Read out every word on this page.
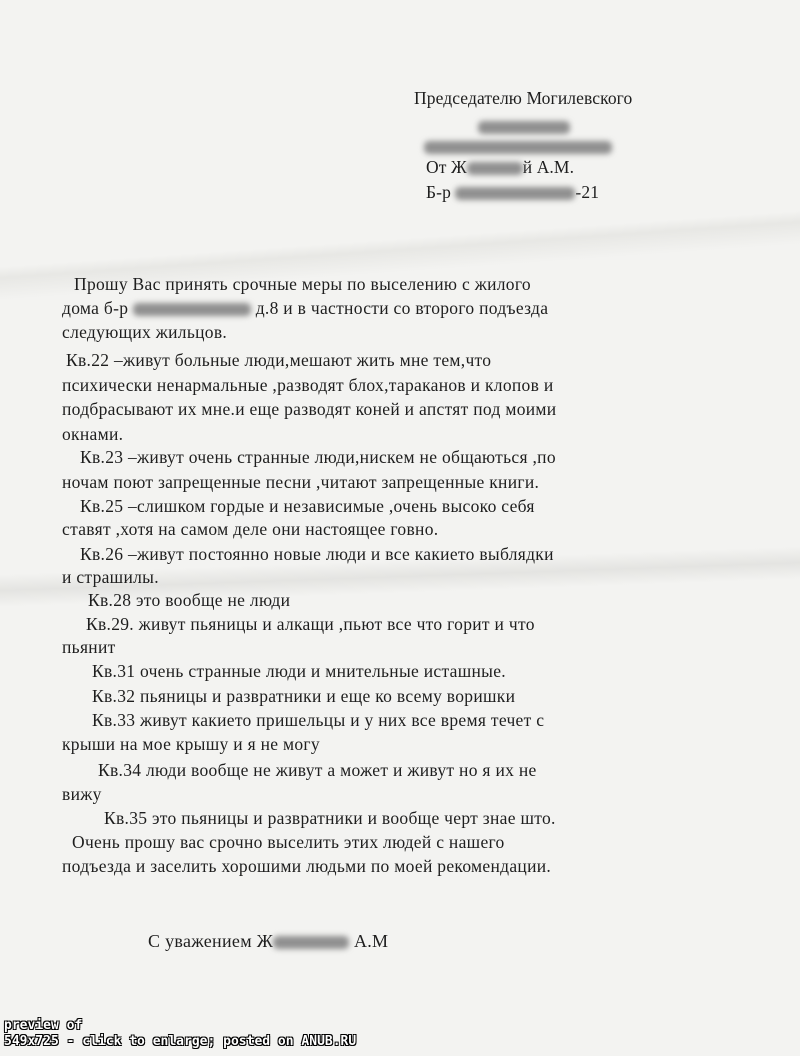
Председателю Могилевского
От Ж	й А.М.
Б-р	-21
Прошу Вас принять срочные меры по выселению с жилого
дома б-р	д.8 и в частности со второго подъезда
следующих жильцов.
Кв.22 –живут больные люди,мешают жить мне тем,что
психически ненармальные ,разводят блох,тараканов и клопов и
подбрасывают их мне.и еще разводят коней и апстят под моими
окнами.
Кв.23 –живут очень странные люди,нискем не общаються ,по
ночам поют запрещенные песни ,читают запрещенные книги.
Кв.25 –слишком гордые и независимые ,очень высоко себя
ставят ,хотя на самом деле они настоящее говно.
Кв.26 –живут постоянно новые люди и все какието выблядки
и страшилы.
Кв.28 это вообще не люди
Кв.29. живут пьяницы и алкащи ,пьют все что горит и что
пьянит
Кв.31 очень странные люди и мнительные исташные.
Кв.32 пьяницы и развратники и еще ко всему воришки
Кв.33 живут какието пришельцы и у них все время течет с
крыши на мое крышу и я не могу
Кв.34 люди вообще не живут а может и живут но я их не
вижу
Кв.35 это пьяницы и развратники и вообще черт знае што.
Очень прошу вас срочно выселить этих людей с нашего
подъезда и заселить хорошими людьми по моей рекомендации.
С уважением Ж	А.М
preview of
549x725 - click to enlarge; posted on ANUB.RU
